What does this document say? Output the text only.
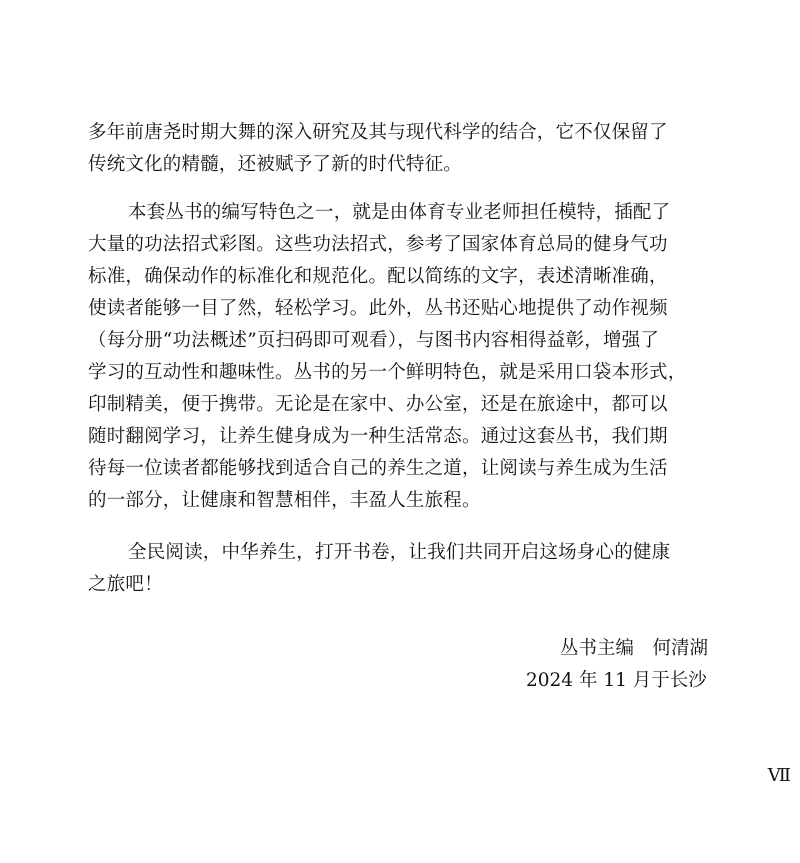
多年前唐尧时期大舞的深入研究及其与现代科学的结合，它不仅保留了
传统文化的精髓，还被赋予了新的时代特征。
本套丛书的编写特色之一，就是由体育专业老师担任模特，插配了
大量的功法招式彩图。这些功法招式，参考了国家体育总局的健身气功
标准，确保动作的标准化和规范化。配以简练的文字，表述清晰准确，
使读者能够一目了然，轻松学习。此外，丛书还贴心地提供了动作视频
（每分册“功法概述”页扫码即可观看），与图书内容相得益彰，增强了
学习的互动性和趣味性。丛书的另一个鲜明特色，就是采用口袋本形式，
印制精美，便于携带。无论是在家中、办公室，还是在旅途中，都可以
随时翻阅学习，让养生健身成为一种生活常态。通过这套丛书，我们期
待每一位读者都能够找到适合自己的养生之道，让阅读与养生成为生活
的一部分，让健康和智慧相伴，丰盈人生旅程。
全民阅读，中华养生，打开书卷，让我们共同开启这场身心的健康
之旅吧！
丛书主编　何清湖
2024 年 11 月于长沙
Ⅶ
